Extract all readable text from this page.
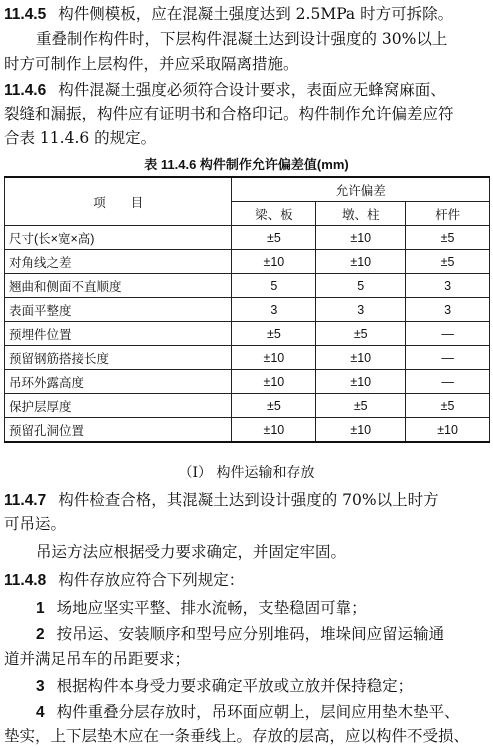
11.4.5 构件侧模板，应在混凝土强度达到 2.5MPa 时方可拆除。
重叠制作构件时，下层构件混凝土达到设计强度的 30%以上
时方可制作上层构件，并应采取隔离措施。
11.4.6 构件混凝土强度必须符合设计要求，表面应无蜂窝麻面、
裂缝和漏振，构件应有证明书和合格印记。构件制作允许偏差应符
合表 11.4.6 的规定。
表 11.4.6 构件制作允许偏差值(mm)
项　　目	允许偏差		
	梁、板	墩、柱	杆件
尺寸(长×宽×高)	±5	±10	±5
对角线之差	±10	±10	±5
翘曲和侧面不直顺度	5	5	3
表面平整度	3	3	3
预埋件位置	±5	±5	—
预留钢筋搭接长度	±10	±10	—
吊环外露高度	±10	±10	—
保护层厚度	±5	±5	±5
预留孔洞位置	±10	±10	±10
（Ⅰ） 构件运输和存放
11.4.7 构件检查合格，其混凝土达到设计强度的 70%以上时方
可吊运。
吊运方法应根据受力要求确定，并固定牢固。
11.4.8 构件存放应符合下列规定：
1 场地应坚实平整、排水流畅，支垫稳固可靠；
2 按吊运、安装顺序和型号应分别堆码，堆垛间应留运输通
道并满足吊车的吊距要求；
3 根据构件本身受力要求确定平放或立放并保持稳定；
4 构件重叠分层存放时，吊环面应朝上，层间应用垫木垫平、
垫实，上下层垫木应在一条垂线上。存放的层高，应以构件不受损、
